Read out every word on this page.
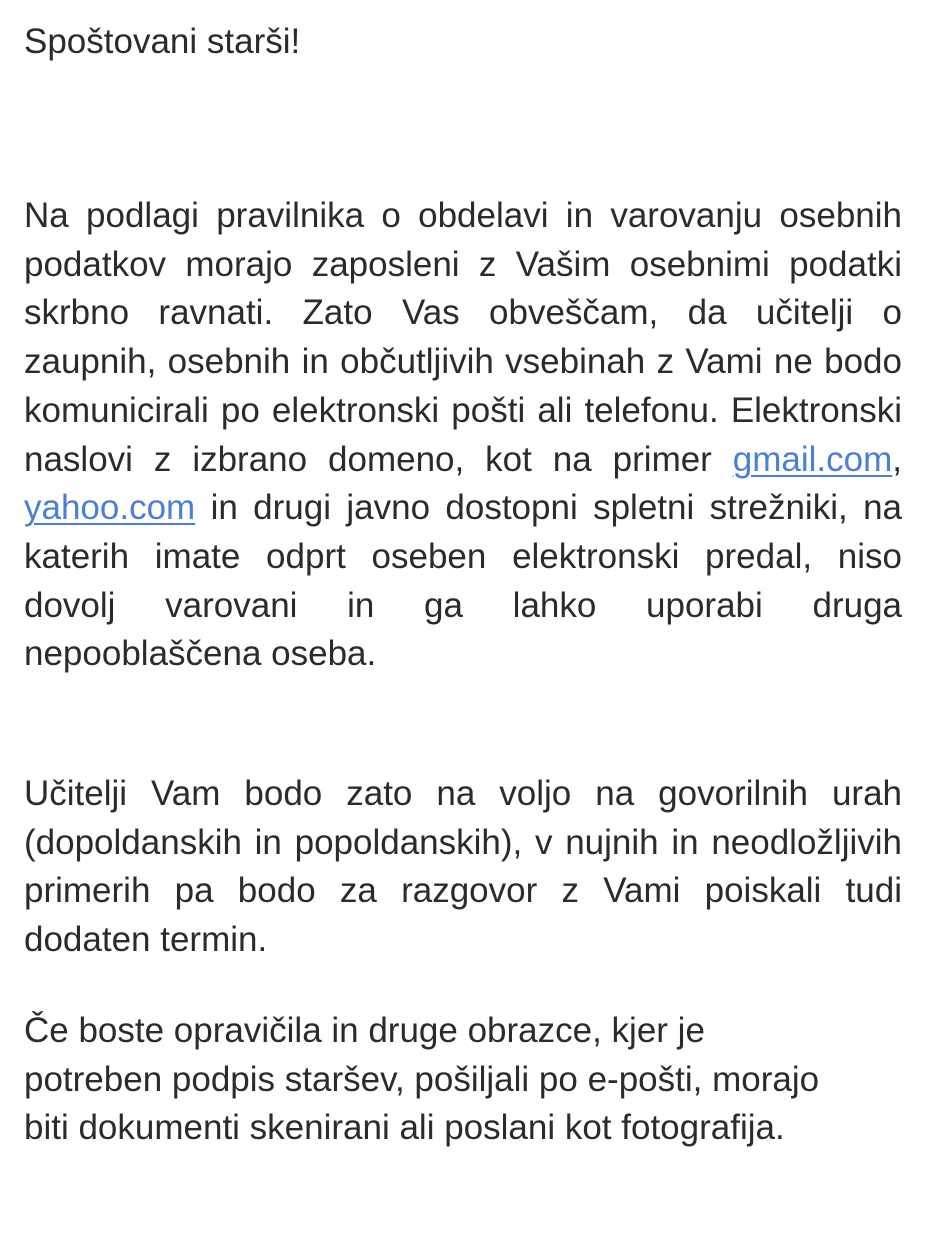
Spoštovani starši!

Na podlagi pravilnika o obdelavi in varovanju osebnih podatkov morajo zaposleni z Vašim osebnimi podatki skrbno ravnati. Zato Vas obveščam, da učitelji o zaupnih, osebnih in občutljivih vsebinah z Vami ne bodo komunicirali po elektronski pošti ali telefonu. Elektronski naslovi z izbrano domeno, kot na primer gmail.com, yahoo.com in drugi javno dostopni spletni strežniki, na katerih imate odprt oseben elektronski predal, niso dovolj varovani in ga lahko uporabi druga nepooblaščena oseba.

Učitelji Vam bodo zato na voljo na govorilnih urah (dopoldanskih in popoldanskih), v nujnih in neodložljivih primerih pa bodo za razgovor z Vami poiskali tudi dodaten termin.

Če boste opravičila in druge obrazce, kjer je potreben podpis staršev, pošiljali po e-pošti, morajo biti dokumenti skenirani ali poslani kot fotografija.
